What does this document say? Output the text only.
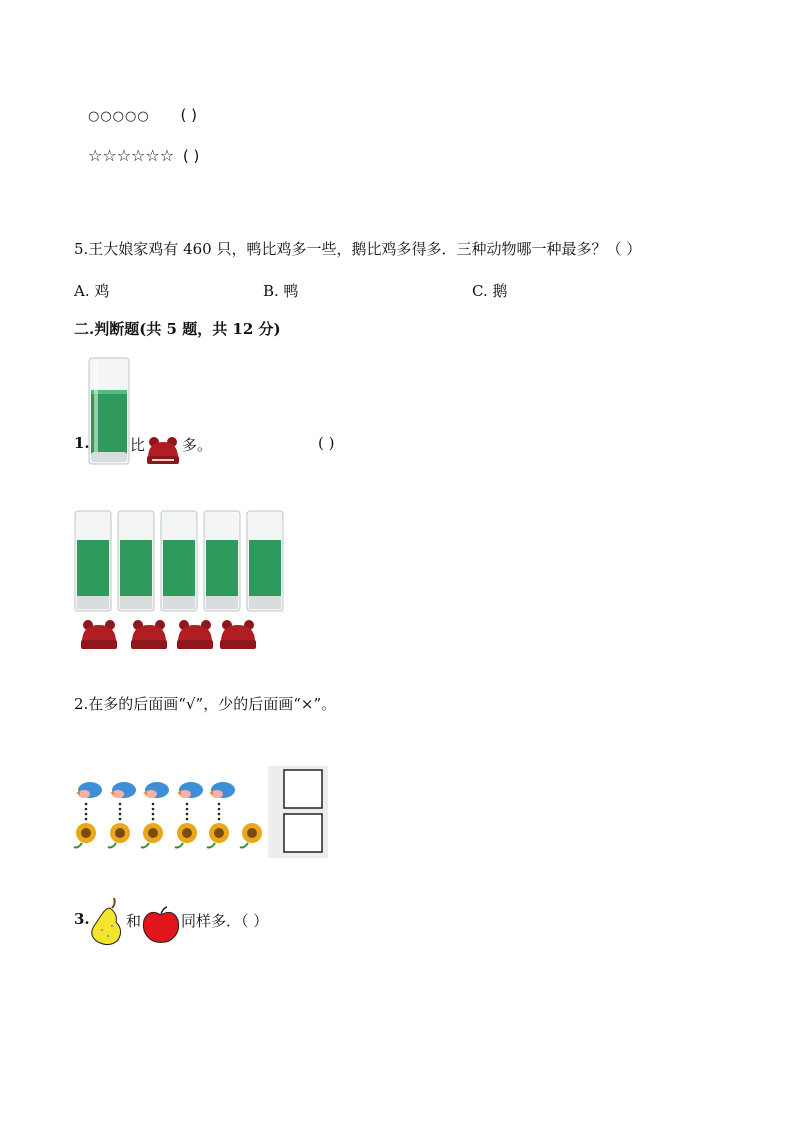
○○○○○ ( )
☆☆☆☆☆☆ ( )
5.王大娘家鸡有 460 只，鸭比鸡多一些，鹅比鸡多得多．三种动物哪一种最多？（ ）
A. 鸡	B. 鸭	C. 鹅
二.判断题(共 5 题，共 12 分)
1.	比 多。	( )
2.在多的后面画“√”，少的后面画“×”。
3. 和	同样多．（ ）
